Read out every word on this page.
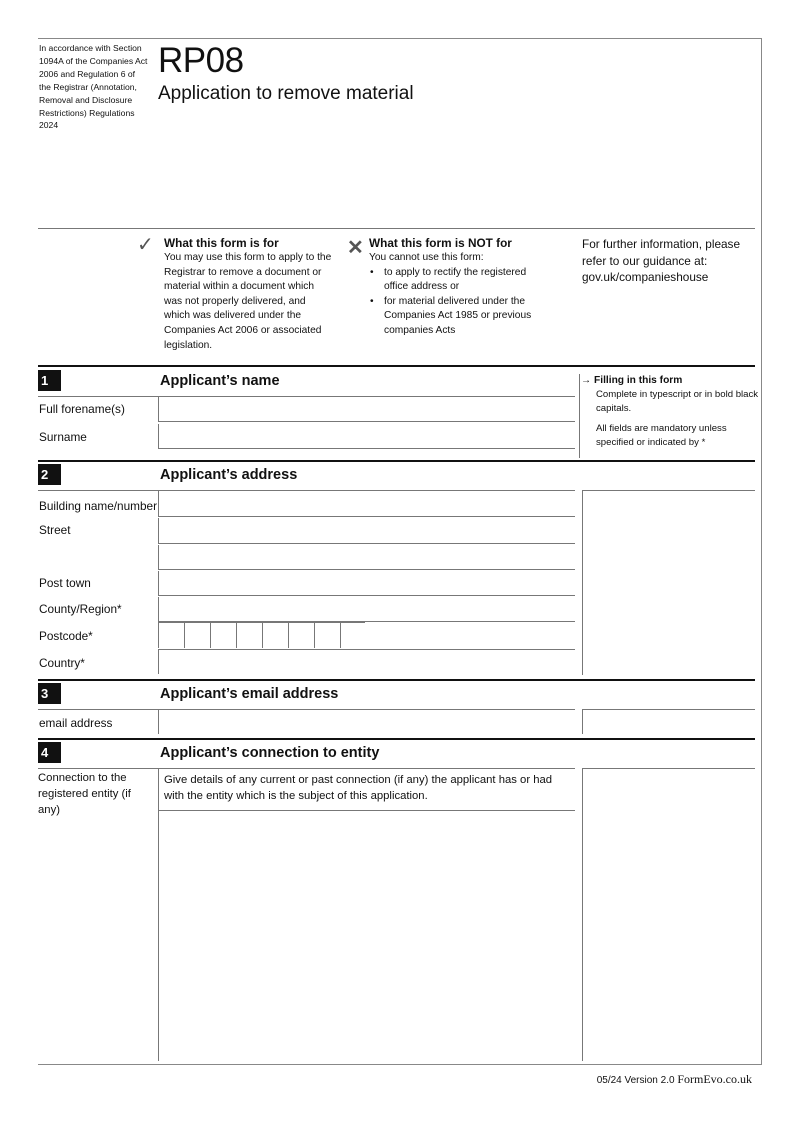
In accordance with Section 1094A of the Companies Act 2006 and Regulation 6 of the Registrar (Annotation, Removal and Disclosure Restrictions) Regulations 2024
RP08
Application to remove material
✓ What this form is for
You may use this form to apply to the Registrar to remove a document or material within a document which was not properly delivered, and which was delivered under the Companies Act 2006 or associated legislation.
✕ What this form is NOT for
You cannot use this form:
• to apply to rectify the registered office address or
• for material delivered under the Companies Act 1985 or previous companies Acts
For further information, please refer to our guidance at: gov.uk/companieshouse
1	Applicant’s name
Full forename(s)
Surname
→ Filling in this form
Complete in typescript or in bold black capitals.
All fields are mandatory unless specified or indicated by *
2	Applicant’s address
Building name/number
Street
Post town
County/Region*
Postcode*
Country*
3	Applicant’s email address
email address
4	Applicant’s connection to entity
Connection to the registered entity (if any)
Give details of any current or past connection (if any) the applicant has or had with the entity which is the subject of this application.
05/24 Version 2.0 FormEvo.co.uk
